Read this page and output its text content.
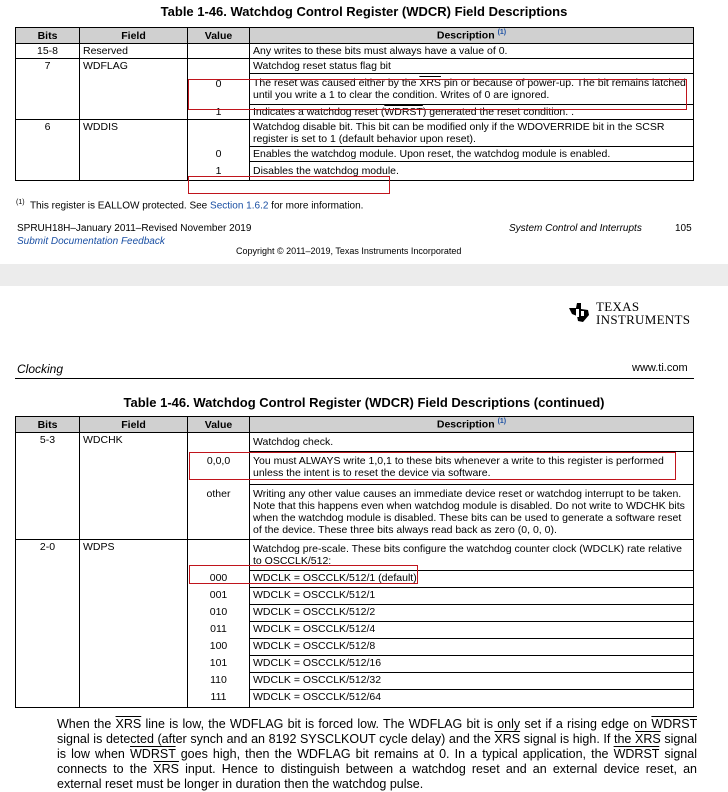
Table 1-46. Watchdog Control Register (WDCR) Field Descriptions
Bits	Field	Value	Description $^{(1)}$
15-8	Reserved		Any writes to these bits must always have a value of 0.
7	WDFLAG		Watchdog reset status flag bit
		0	The reset was caused either by the $\overline{XRS}$ pin or because of power-up. The bit remains latched until you write a 1 to clear the condition. Writes of 0 are ignored.
		1	Indicates a watchdog reset (WDRST) generated the reset condition. .
6	WDDIS		Watchdog disable bit. This bit can be modified only if the WDOVERRIDE bit in the SCSR register is set to 1 (default behavior upon reset).
		0	Enables the watchdog module. Upon reset, the watchdog module is enabled.
		1	Disables the watchdog module.
$^{(1)}$ This register is EALLOW protected. See Section 1.6.2 for more information.
SPRUH18H–January 2011–Revised November 2019
Submit Documentation Feedback
System Control and Interrupts	105
Copyright © 2011–2019, Texas Instruments Incorporated
TEXAS
INSTRUMENTS
Clocking	www.ti.com
Table 1-46. Watchdog Control Register (WDCR) Field Descriptions (continued)
Bits	Field	Value	Description $^{(1)}$
5-3	WDCHK		Watchdog check.
		0,0,0	You must ALWAYS write 1,0,1 to these bits whenever a write to this register is performed unless the intent is to reset the device via software.
		other	Writing any other value causes an immediate device reset or watchdog interrupt to be taken. Note that this happens even when watchdog module is disabled. Do not write to WDCHK bits when the watchdog module is disabled. These bits can be used to generate a software reset of the device. These three bits always read back as zero (0, 0, 0).
2-0	WDPS		Watchdog pre-scale. These bits configure the watchdog counter clock (WDCLK) rate relative to OSCCLK/512:
		000	WDCLK = OSCCLK/512/1 (default)
		001	WDCLK = OSCCLK/512/1
		010	WDCLK = OSCCLK/512/2
		011	WDCLK = OSCCLK/512/4
		100	WDCLK = OSCCLK/512/8
		101	WDCLK = OSCCLK/512/16
		110	WDCLK = OSCCLK/512/32
		111	WDCLK = OSCCLK/512/64
When the $\overline{XRS}$ line is low, the WDFLAG bit is forced low. The WDFLAG bit is only set if a rising edge on WDRST signal is detected (after synch and an 8192 SYSCLKOUT cycle delay) and the $\overline{XRS}$ signal is high. If the $\overline{XRS}$ signal is low when WDRST goes high, then the WDFLAG bit remains at 0. In a typical application, the WDRST signal connects to the $\overline{XRS}$ input. Hence to distinguish between a watchdog reset and an external device reset, an external reset must be longer in duration then the watchdog pulse.
